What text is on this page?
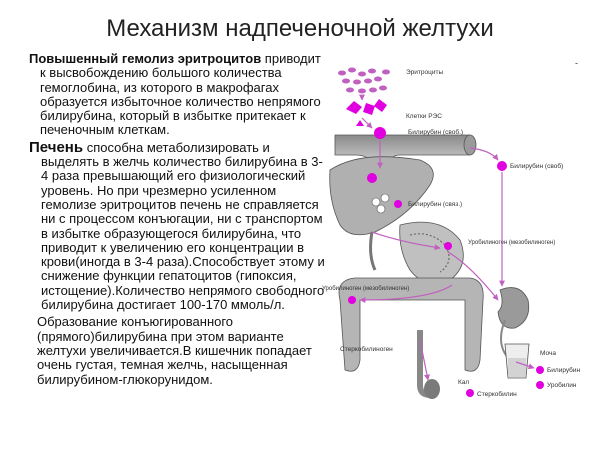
Механизм надпеченочной желтухи
Повышенный гемолиз эритроцитов приводит к высвобождению большого количества гемоглобина, из которого в макрофагах образуется избыточное количество непрямого билирубина, который в избытке притекает к печеночным клеткам.
Печень способна метаболизировать и выделять в желчь количество билирубина в 3-4 раза превышающий его физиологический уровень. Но при чрезмерно усиленном гемолизе эритроцитов печень не справляется ни с процессом конъюгации, ни с транспортом в избытке образующегося билирубина, что приводит к увеличению его концентрации в крови(иногда в 3-4 раза).Способствует этому и снижение функции гепатоцитов (гипоксия, истощение).Количество непрямого свободного билирубина достигает 100-170 ммоль/л.
Образование конъюгированного (прямого)билирубина при этом варианте желтухи увеличивается.В кишечник попадает очень густая, темная желчь, насыщенная билирубином-глюкорунидом.
-
Эритроциты
Клетки РЭС
Билирубин (своб.)
Билирубин (связ.)
Уробилиноген (мезобилиноген)
Уробилиноген (мезобилиноген)
Стеркобилиноген
Моча
Билирубин
Уробилин
Кал
Стеркобилин
Билирубин (своб)
